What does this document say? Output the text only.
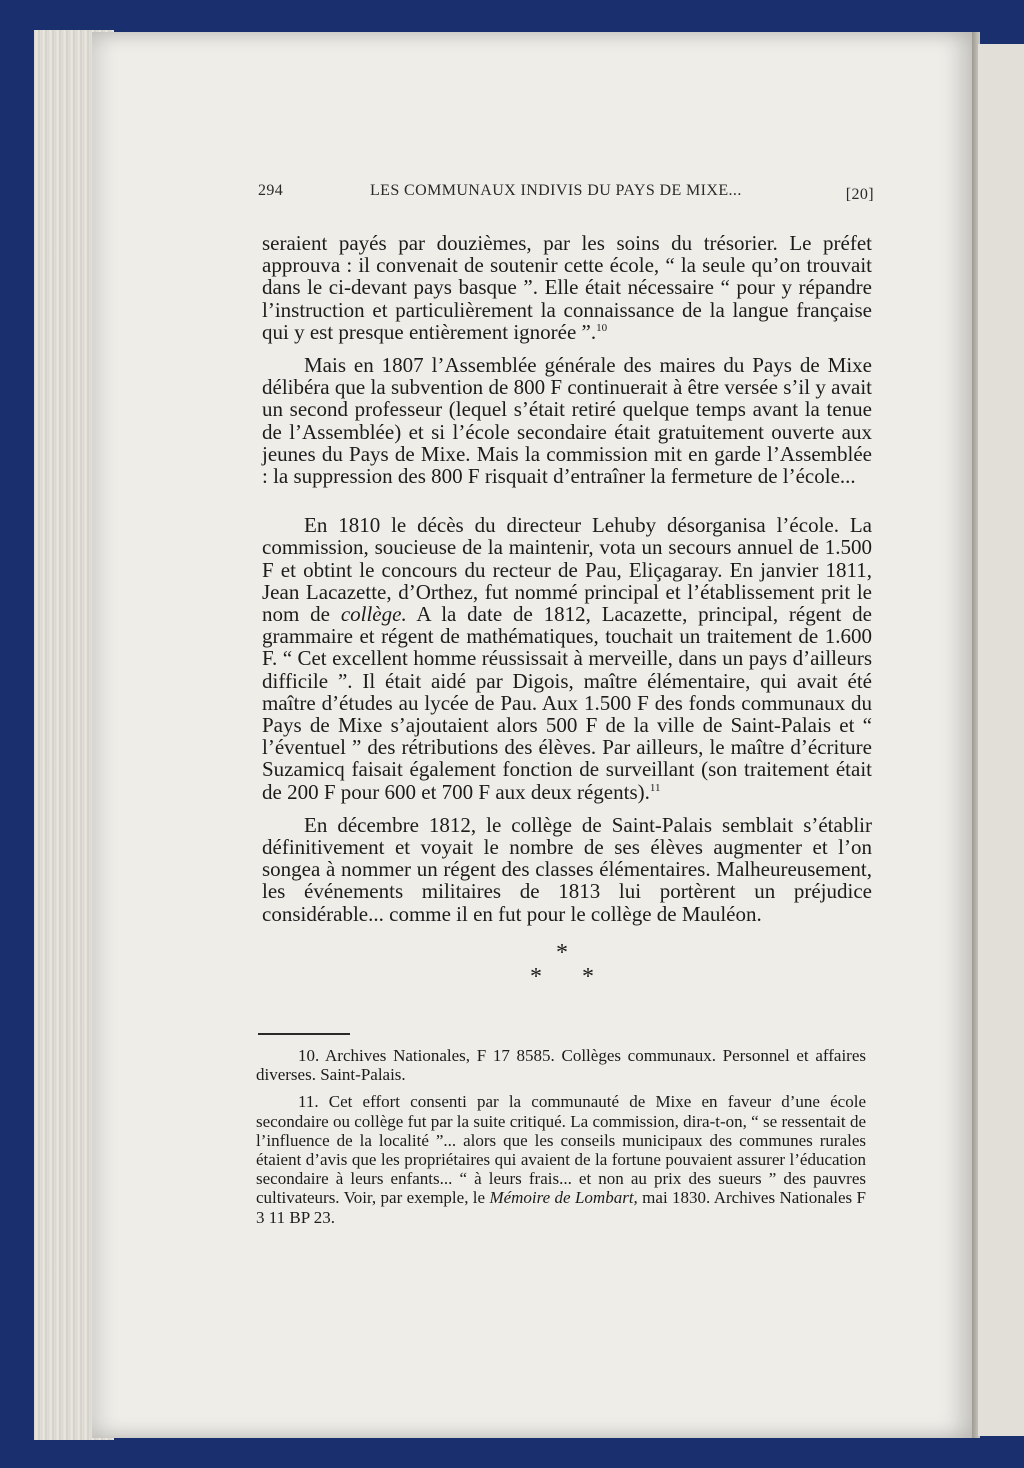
294	LES COMMUNAUX INDIVIS DU PAYS DE MIXE...	[20]

seraient payés par douzièmes, par les soins du trésorier. Le préfet approuva : il convenait de soutenir cette école, “ la seule qu’on trouvait dans le ci-devant pays basque ”. Elle était nécessaire “ pour y répandre l’instruction et particulièrement la connaissance de la langue française qui y est presque entièrement ignorée ”.$^{10}$

Mais en 1807 l’Assemblée générale des maires du Pays de Mixe délibéra que la subvention de 800 F continuerait à être versée s’il y avait un second professeur (lequel s’était retiré quelque temps avant la tenue de l’Assemblée) et si l’école secondaire était gratuitement ouverte aux jeunes du Pays de Mixe. Mais la commission mit en garde l’Assemblée : la suppression des 800 F risquait d’entraîner la fermeture de l’école...

En 1810 le décès du directeur Lehuby désorganisa l’école. La commission, soucieuse de la maintenir, vota un secours annuel de 1.500 F et obtint le concours du recteur de Pau, Eliçagaray. En janvier 1811, Jean Lacazette, d’Orthez, fut nommé principal et l’établissement prit le nom de collège. A la date de 1812, Lacazette, principal, régent de grammaire et régent de mathématiques, touchait un traitement de 1.600 F. “ Cet excellent homme réussissait à merveille, dans un pays d’ailleurs difficile ”. Il était aidé par Digois, maître élémentaire, qui avait été maître d’études au lycée de Pau. Aux 1.500 F des fonds communaux du Pays de Mixe s’ajoutaient alors 500 F de la ville de Saint-Palais et “ l’éventuel ” des rétributions des élèves. Par ailleurs, le maître d’écriture Suzamicq faisait également fonction de surveillant (son traitement était de 200 F pour 600 et 700 F aux deux régents).$^{11}$

En décembre 1812, le collège de Saint-Palais semblait s’établir définitivement et voyait le nombre de ses élèves augmenter et l’on songea à nommer un régent des classes élémentaires. Malheureusement, les événements militaires de 1813 lui portèrent un préjudice considérable... comme il en fut pour le collège de Mauléon.

*
* *

10. Archives Nationales, F 17 8585. Collèges communaux. Personnel et affaires diverses. Saint-Palais.

11. Cet effort consenti par la communauté de Mixe en faveur d’une école secondaire ou collège fut par la suite critiqué. La commission, dira-t-on, “ se ressentait de l’influence de la localité ”... alors que les conseils municipaux des communes rurales étaient d’avis que les propriétaires qui avaient de la fortune pouvaient assurer l’éducation secondaire à leurs enfants... “ à leurs frais... et non au prix des sueurs ” des pauvres cultivateurs. Voir, par exemple, le Mémoire de Lombart, mai 1830. Archives Nationales F 3 11 BP 23.
